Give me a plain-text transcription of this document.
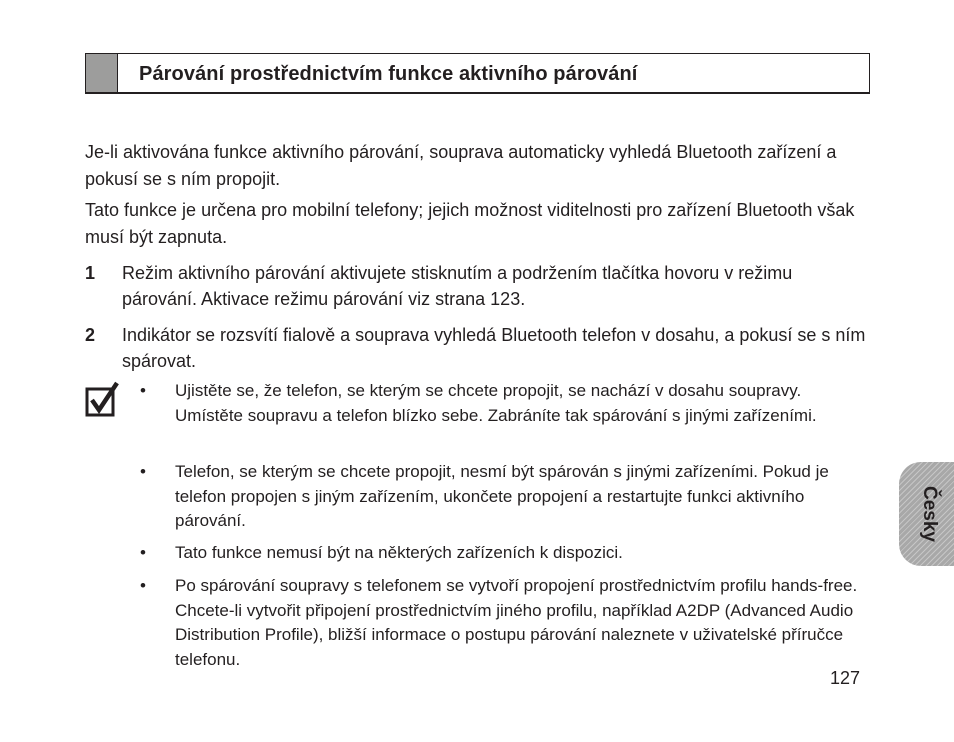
Párování prostřednictvím funkce aktivního párování

Je-li aktivována funkce aktivního párování, souprava automaticky vyhledá Bluetooth zařízení a pokusí se s ním propojit.

Tato funkce je určena pro mobilní telefony; jejich možnost viditelnosti pro zařízení Bluetooth však musí být zapnuta.

1 Režim aktivního párování aktivujete stisknutím a podržením tlačítka hovoru v režimu párování. Aktivace režimu párování viz strana 123.
2 Indikátor se rozsvítí fialově a souprava vyhledá Bluetooth telefon v dosahu, a pokusí se s ním spárovat.
• Ujistěte se, že telefon, se kterým se chcete propojit, se nachází v dosahu soupravy. Umístěte soupravu a telefon blízko sebe. Zabráníte tak spárování s jinými zařízeními.
• Telefon, se kterým se chcete propojit, nesmí být spárován s jinými zařízeními. Pokud je telefon propojen s jiným zařízením, ukončete propojení a restartujte funkci aktivního párování.
• Tato funkce nemusí být na některých zařízeních k dispozici.
• Po spárování soupravy s telefonem se vytvoří propojení prostřednictvím profilu hands-free. Chcete-li vytvořit připojení prostřednictvím jiného profilu, například A2DP (Advanced Audio Distribution Profile), bližší informace o postupu párování naleznete v uživatelské příručce telefonu.
Česky
127
